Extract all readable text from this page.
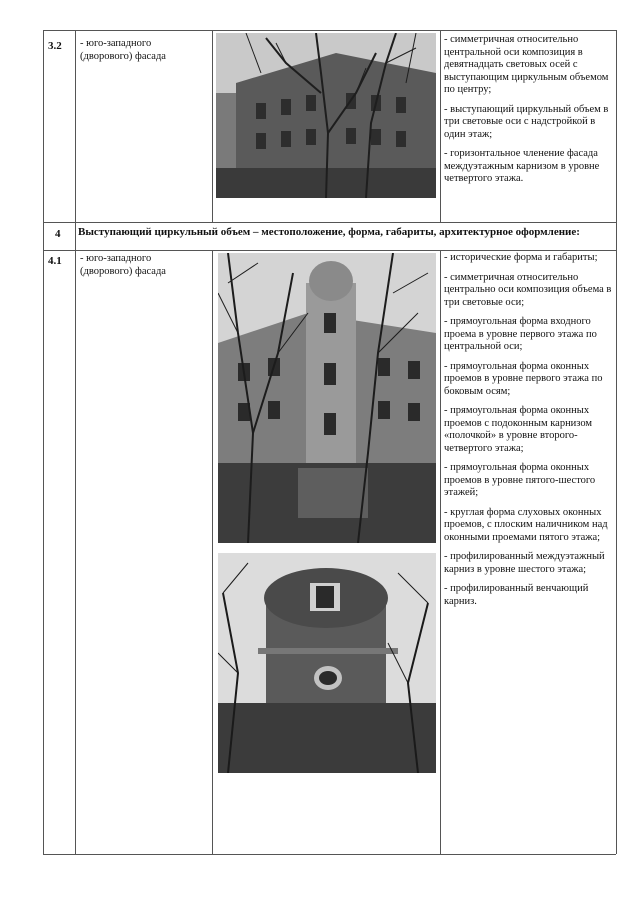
3.2 - юго-западного (дворового) фасада

- симметричная относительно центральной оси композиция в девятнадцать световых осей с выступающим циркульным объемом по центру;

- выступающий циркульный объем в три световые оси с надстройкой в один этаж;

- горизонтальное членение фасада междуэтажным карнизом в уровне четвертого этажа.

4 Выступающий циркульный объем – местоположение, форма, габариты, архитектурное оформление:
4.1 - юго-западного (дворового) фасада

- исторические форма и габариты;

- симметричная относительно центрально оси композиция объема в три световые оси;

- прямоугольная форма входного проема в уровне первого этажа по центральной оси;

- прямоугольная форма оконных проемов в уровне первого этажа по боковым осям;

- прямоугольная форма оконных проемов с подоконным карнизом «полочкой» в уровне второго-четвертого этажа;

- прямоугольная форма оконных проемов в уровне пятого-шестого этажей;

- круглая форма слуховых оконных проемов, с плоским наличником над оконными проемами пятого этажа;

- профилированный междуэтажный карниз в уровне шестого этажа;

- профилированный венчающий карниз.
